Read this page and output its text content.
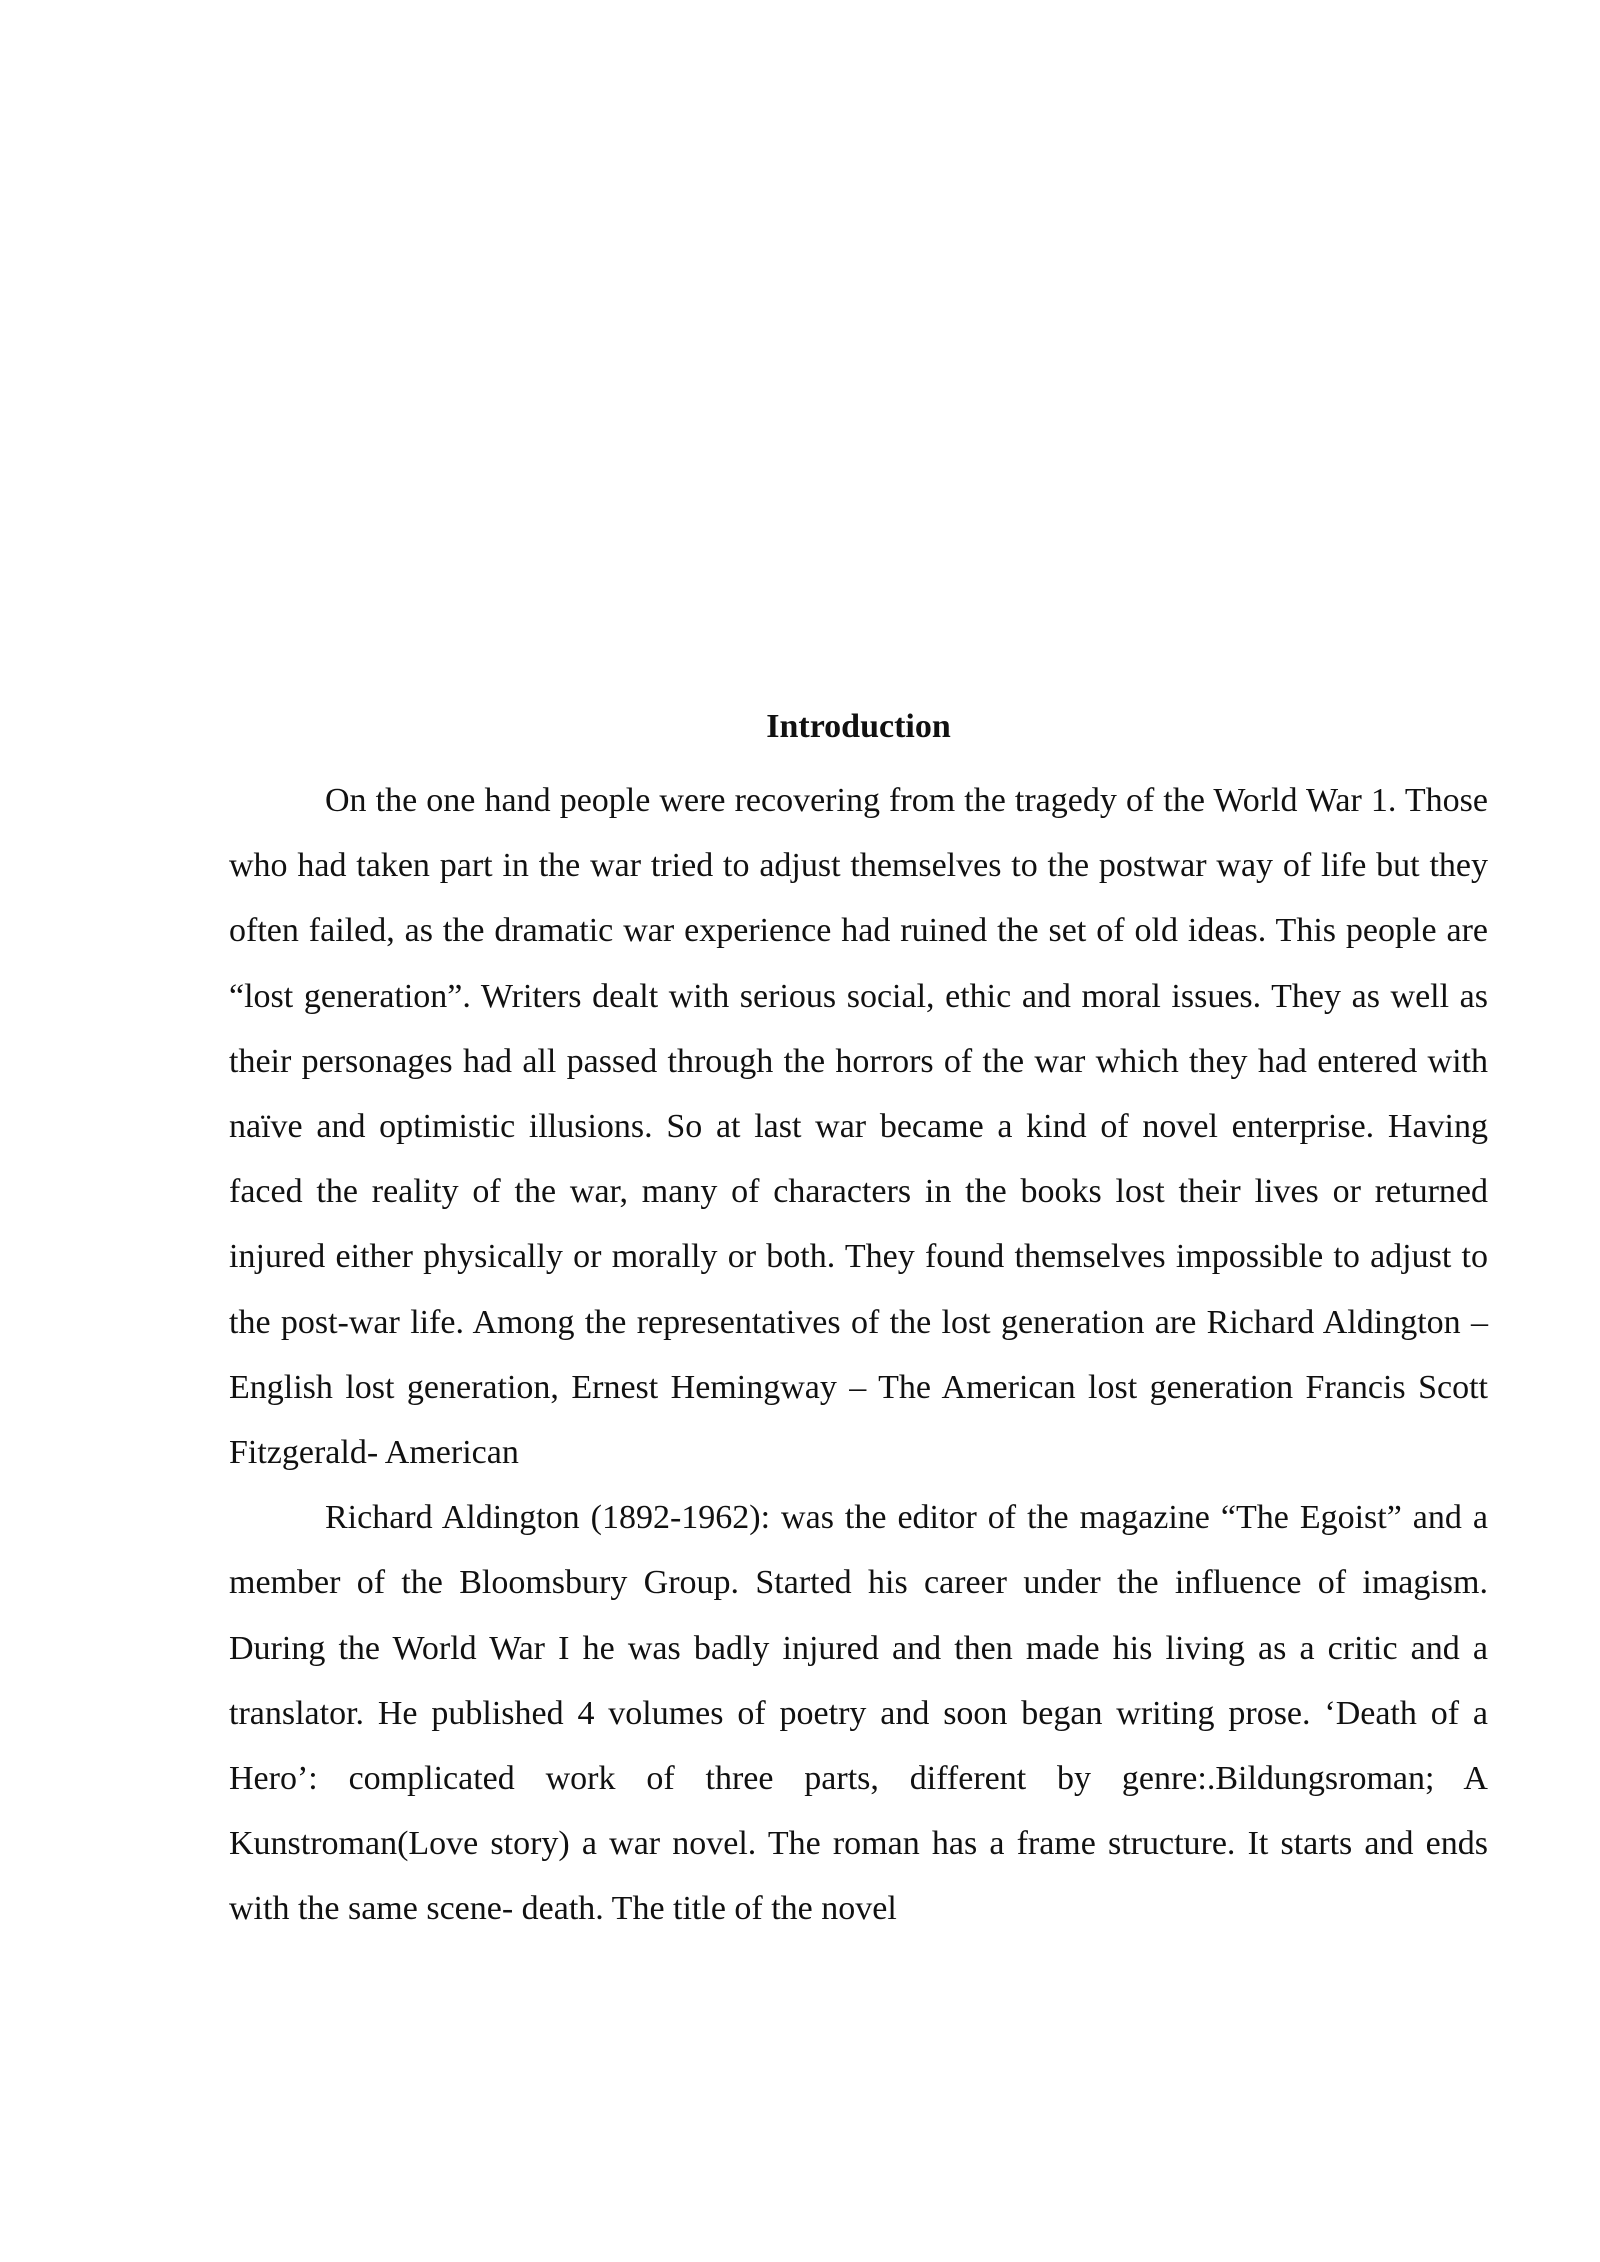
Introduction

On the one hand people were recovering from the tragedy of the World War 1. Those who had taken part in the war tried to adjust themselves to the postwar way of life but they often failed, as the dramatic war experience had ruined the set of old ideas. This people are “lost generation”. Writers dealt with serious social, ethic and moral issues. They as well as their personages had all passed through the horrors of the war which they had entered with naïve and optimistic illusions. So at last war became a kind of novel enterprise. Having faced the reality of the war, many of characters in the books lost their lives or returned injured either physically or morally or both. They found themselves impossible to adjust to the post-war life. Among the representatives of the lost generation are Richard Aldington – English lost generation, Ernest Hemingway – The American lost generation Francis Scott Fitzgerald- American

Richard Aldington (1892-1962): was the editor of the magazine “The Egoist” and a member of the Bloomsbury Group. Started his career under the influence of imagism. During the World War I he was badly injured and then made his living as a critic and a translator. He published 4 volumes of poetry and soon began writing prose. ‘Death of a Hero’: complicated work of three parts, different by genre:.Bildungsroman; A Kunstroman(Love story) a war novel. The roman has a frame structure. It starts and ends with the same scene- death. The title of the novel
